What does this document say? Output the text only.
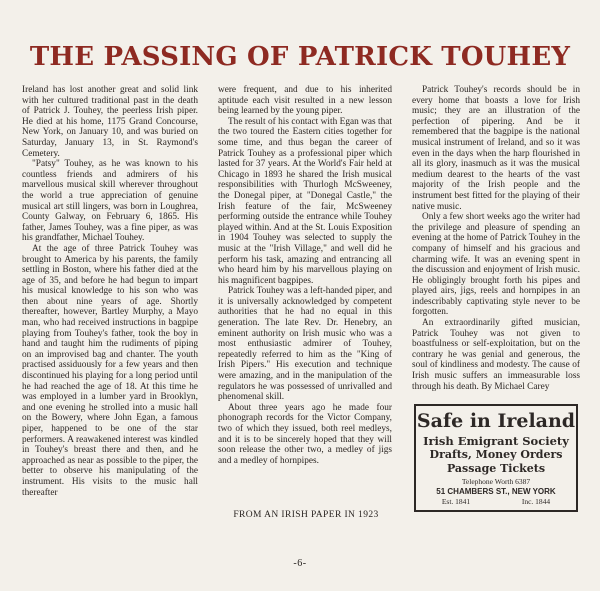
THE PASSING OF PATRICK TOUHEY

Ireland has lost another great and solid link with her cultured traditional past in the death of Patrick J. Touhey, the peerless Irish piper. He died at his home, 1175 Grand Concourse, New York, on January 10, and was buried on Saturday, January 13, in St. Raymond's Cemetery.

"Patsy" Touhey, as he was known to his countless friends and admirers of his marvellous musical skill wherever throughout the world a true appreciation of genuine musical art still lingers, was born in Loughrea, County Galway, on February 6, 1865. His father, James Touhey, was a fine piper, as was his grandfather, Michael Touhey.

At the age of three Patrick Touhey was brought to America by his parents, the family settling in Boston, where his father died at the age of 35, and before he had begun to impart his musical knowledge to his son who was then about nine years of age. Shortly thereafter, however, Bartley Murphy, a Mayo man, who had received instructions in bagpipe playing from Touhey's father, took the boy in hand and taught him the rudiments of piping on an improvised bag and chanter. The youth practised assiduously for a few years and then discontinued his playing for a long period until he had reached the age of 18. At this time he was employed in a lumber yard in Brooklyn, and one evening he strolled into a music hall on the Bowery, where John Egan, a famous piper, happened to be one of the star performers. A reawakened interest was kindled in Touhey's breast there and then, and he approached as near as possible to the piper, the better to observe his manipulating of the instrument. His visits to the music hall thereafter

were frequent, and due to his inherited aptitude each visit resulted in a new lesson being learned by the young piper.

The result of his contact with Egan was that the two toured the Eastern cities together for some time, and thus began the career of Patrick Touhey as a professional piper which lasted for 37 years. At the World's Fair held at Chicago in 1893 he shared the Irish musical responsibilities with Thurlogh McSweeney, the Donegal piper, at "Donegal Castle," the Irish feature of the fair, McSweeney performing outside the entrance while Touhey played within. And at the St. Louis Exposition in 1904 Touhey was selected to supply the music at the "Irish Village," and well did he perform his task, amazing and entrancing all who heard him by his marvellous playing on his magnificent bagpipes.

Patrick Touhey was a left-handed piper, and it is universally acknowledged by competent authorities that he had no equal in this generation. The late Rev. Dr. Henebry, an eminent authority on Irish music who was a most enthusiastic admirer of Touhey, repeatedly referred to him as the "King of Irish Pipers." His execution and technique were amazing, and in the manipulation of the regulators he was possessed of unrivalled and phenomenal skill.

About three years ago he made four phonograph records for the Victor Company, two of which they issued, both reel medleys, and it is to be sincerely hoped that they will soon release the other two, a medley of jigs and a medley of hornpipes.

FROM AN IRISH PAPER IN 1923

Patrick Touhey's records should be in every home that boasts a love for Irish music; they are an illustration of the perfection of pipering. And be it remembered that the bagpipe is the national musical instrument of Ireland, and so it was even in the days when the harp flourished in all its glory, inasmuch as it was the musical medium dearest to the hearts of the vast majority of the Irish people and the instrument best fitted for the playing of their native music.

Only a few short weeks ago the writer had the privilege and pleasure of spending an evening at the home of Patrick Touhey in the company of himself and his gracious and charming wife. It was an evening spent in the discussion and enjoyment of Irish music. He obligingly brought forth his pipes and played airs, jigs, reels and hornpipes in an indescribably captivating style never to be forgotten.

An extraordinarily gifted musician, Patrick Touhey was not given to boastfulness or self-exploitation, but on the contrary he was genial and generous, the soul of kindliness and modesty. The cause of Irish music suffers an immeasurable loss through his death. By Michael Carey

Safe in Ireland
Irish Emigrant Society
Drafts, Money Orders
Passage Tickets
Telephone Worth 6387
51 CHAMBERS ST., NEW YORK
Est. 1841	Inc. 1844
-6-
